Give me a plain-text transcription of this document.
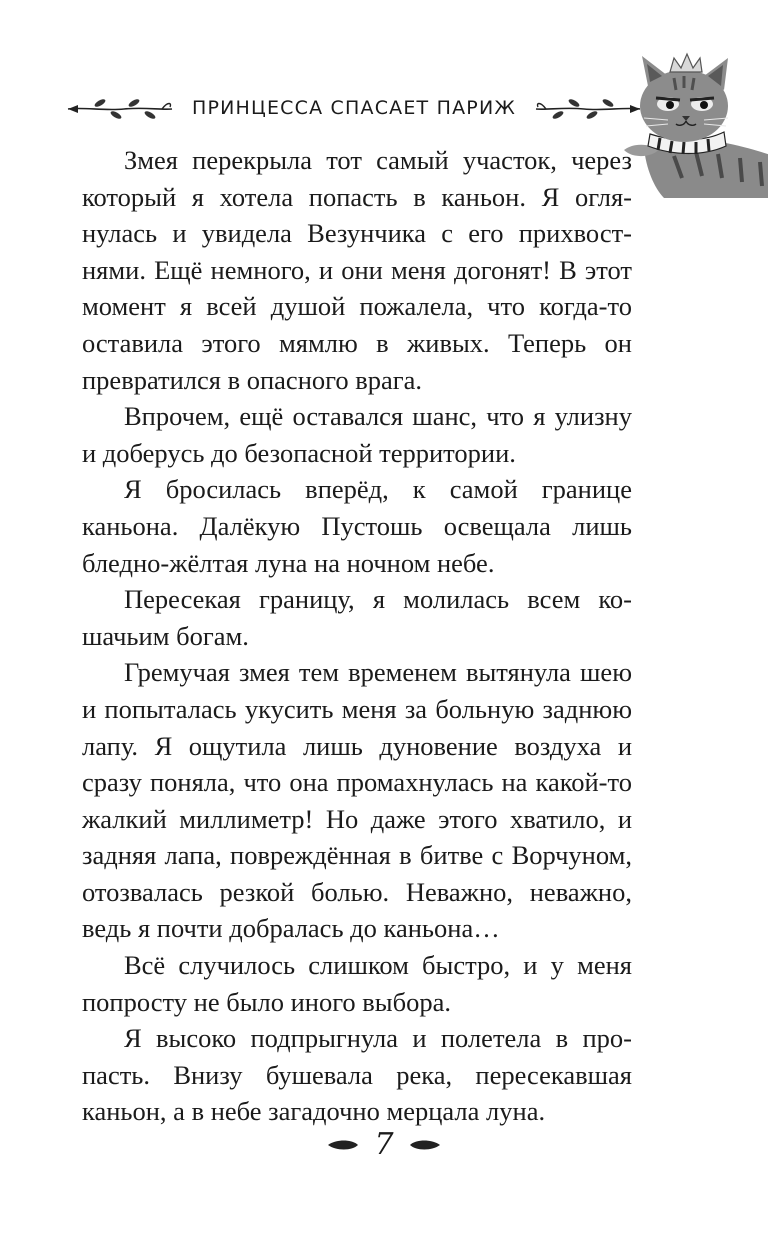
ПРИНЦЕССА СПАСАЕТ ПАРИЖ

Змея перекрыла тот самый участок, через который я хотела попасть в каньон. Я оглянулась и увидела Везунчика с его прихвостнями. Ещё немного, и они меня догонят! В этот момент я всей душой пожалела, что когда-то оставила этого мямлю в живых. Теперь он превратился в опасного врага.

Впрочем, ещё оставался шанс, что я улизну и доберусь до безопасной территории.

Я бросилась вперёд, к самой границе каньона. Далёкую Пустошь освещала лишь бледно-жёлтая луна на ночном небе.

Пересекая границу, я молилась всем кошачьим богам.

Гремучая змея тем временем вытянула шею и попыталась укусить меня за больную заднюю лапу. Я ощутила лишь дуновение воздуха и сразу поняла, что она промахнулась на какой-то жалкий миллиметр! Но даже этого хватило, и задняя лапа, повреждённая в битве с Ворчуном, отозвалась резкой болью. Неважно, неважно, ведь я почти добралась до каньона…

Всё случилось слишком быстро, и у меня попросту не было иного выбора.

Я высоко подпрыгнула и полетела в пропасть. Внизу бушевала река, пересекавшая каньон, а в небе загадочно мерцала луна.

7
